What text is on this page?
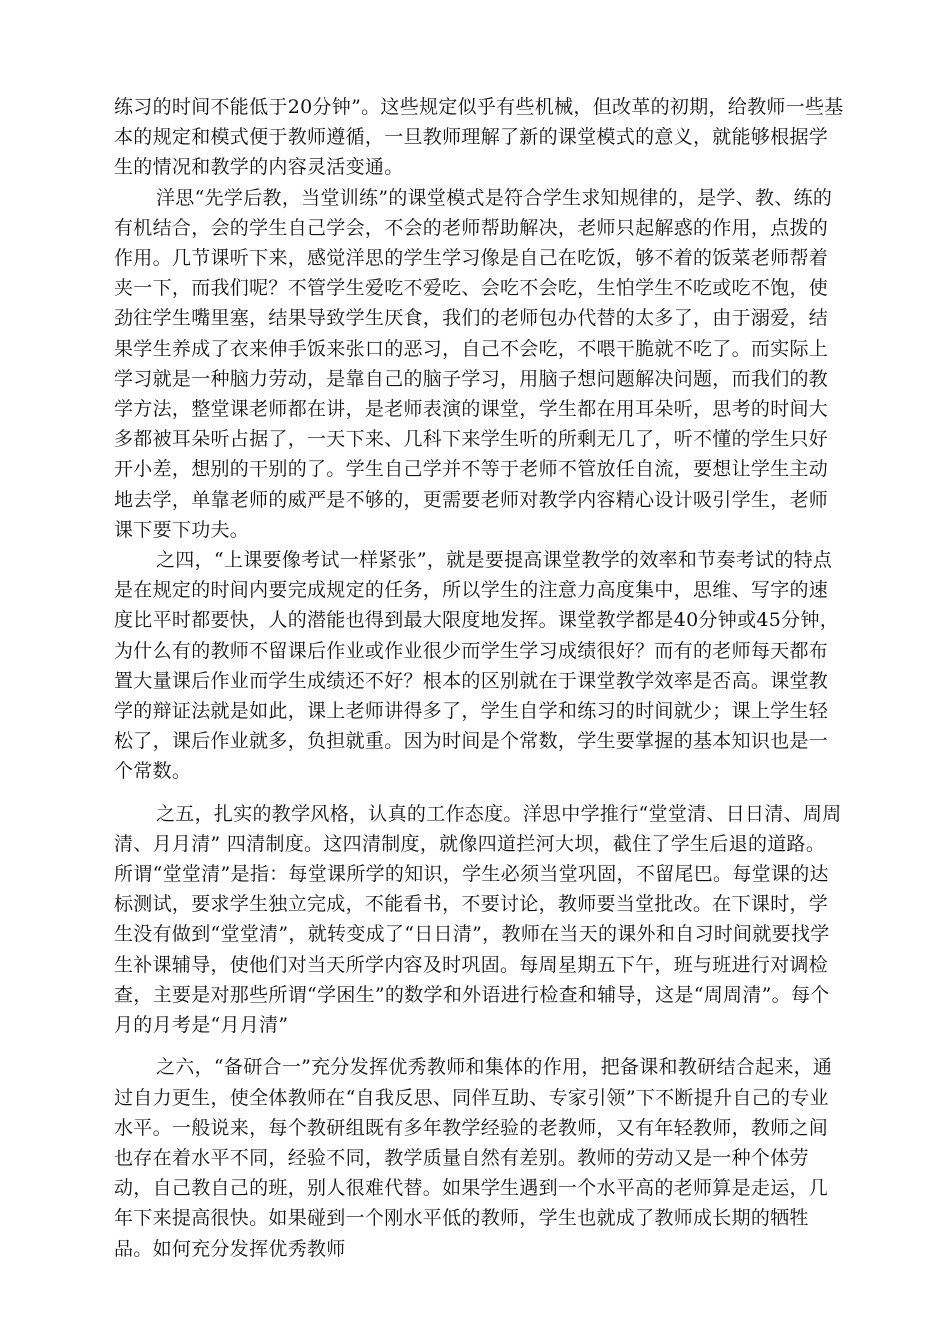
练习的时间不能低于20分钟”。这些规定似乎有些机械，但改革的初期，给教师一些基本的规定和模式便于教师遵循，一旦教师理解了新的课堂模式的意义，就能够根据学生的情况和教学的内容灵活变通。

洋思“先学后教，当堂训练”的课堂模式是符合学生求知规律的，是学、教、练的有机结合，会的学生自己学会，不会的老师帮助解决，老师只起解惑的作用，点拨的作用。几节课听下来，感觉洋思的学生学习像是自己在吃饭，够不着的饭菜老师帮着夹一下，而我们呢？不管学生爱吃不爱吃、会吃不会吃，生怕学生不吃或吃不饱，使劲往学生嘴里塞，结果导致学生厌食，我们的老师包办代替的太多了，由于溺爱，结果学生养成了衣来伸手饭来张口的恶习，自己不会吃，不喂干脆就不吃了。而实际上学习就是一种脑力劳动，是靠自己的脑子学习，用脑子想问题解决问题，而我们的教学方法，整堂课老师都在讲，是老师表演的课堂，学生都在用耳朵听，思考的时间大多都被耳朵听占据了，一天下来、几科下来学生听的所剩无几了，听不懂的学生只好开小差，想别的干别的了。学生自己学并不等于老师不管放任自流，要想让学生主动地去学，单靠老师的威严是不够的，更需要老师对教学内容精心设计吸引学生，老师课下要下功夫。

之四，“上课要像考试一样紧张”，就是要提高课堂教学的效率和节奏考试的特点是在规定的时间内要完成规定的任务，所以学生的注意力高度集中，思维、写字的速度比平时都要快，人的潜能也得到最大限度地发挥。课堂教学都是40分钟或45分钟，为什么有的教师不留课后作业或作业很少而学生学习成绩很好？而有的老师每天都布置大量课后作业而学生成绩还不好？根本的区别就在于课堂教学效率是否高。课堂教学的辩证法就是如此，课上老师讲得多了，学生自学和练习的时间就少；课上学生轻松了，课后作业就多，负担就重。因为时间是个常数，学生要掌握的基本知识也是一个常数。

之五，扎实的教学风格，认真的工作态度。洋思中学推行“堂堂清、日日清、周周清、月月清” 四清制度。这四清制度，就像四道拦河大坝，截住了学生后退的道路。所谓“堂堂清”是指：每堂课所学的知识，学生必须当堂巩固，不留尾巴。每堂课的达标测试，要求学生独立完成，不能看书，不要讨论，教师要当堂批改。在下课时，学生没有做到“堂堂清”，就转变成了“日日清”，教师在当天的课外和自习时间就要找学生补课辅导，使他们对当天所学内容及时巩固。每周星期五下午，班与班进行对调检查，主要是对那些所谓“学困生”的数学和外语进行检查和辅导，这是“周周清”。每个月的月考是“月月清”

之六，“备研合一”充分发挥优秀教师和集体的作用，把备课和教研结合起来，通过自力更生，使全体教师在“自我反思、同伴互助、专家引领”下不断提升自己的专业水平。一般说来，每个教研组既有多年教学经验的老教师，又有年轻教师，教师之间也存在着水平不同，经验不同，教学质量自然有差别。教师的劳动又是一种个体劳动，自己教自己的班，别人很难代替。如果学生遇到一个水平高的老师算是走运，几年下来提高很快。如果碰到一个刚水平低的教师，学生也就成了教师成长期的牺牲品。如何充分发挥优秀教师
